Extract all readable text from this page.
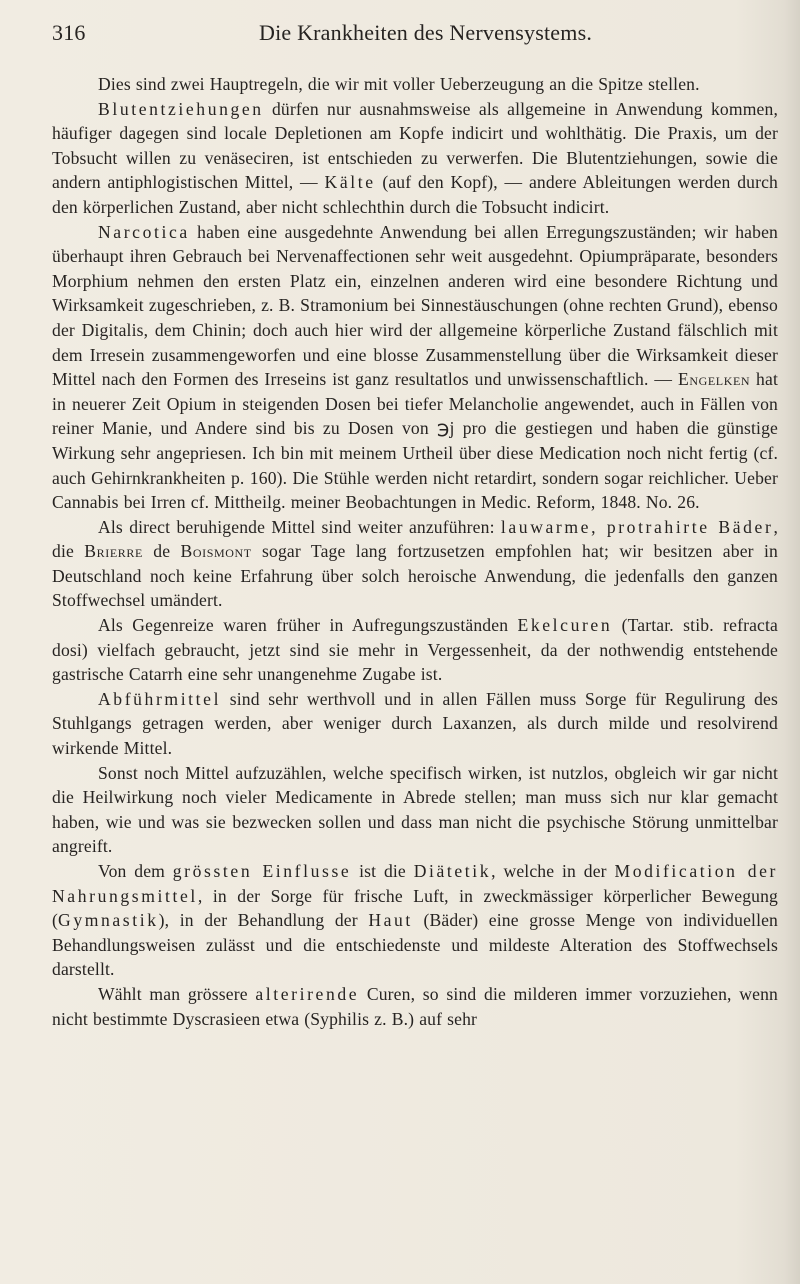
316	Die Krankheiten des Nervensystems.

Dies sind zwei Hauptregeln, die wir mit voller Ueberzeugung an die Spitze stellen.

Blutentziehungen dürfen nur ausnahmsweise als allgemeine in Anwendung kommen, häufiger dagegen sind locale Depletionen am Kopfe indicirt und wohlthätig. Die Praxis, um der Tobsucht willen zu venäseciren, ist entschieden zu verwerfen. Die Blutentziehungen, sowie die andern antiphlogistischen Mittel, — Kälte (auf den Kopf), — andere Ableitungen werden durch den körperlichen Zustand, aber nicht schlechthin durch die Tobsucht indicirt.

Narcotica haben eine ausgedehnte Anwendung bei allen Erregungszuständen; wir haben überhaupt ihren Gebrauch bei Nervenaffectionen sehr weit ausgedehnt. Opiumpräparate, besonders Morphium nehmen den ersten Platz ein, einzelnen anderen wird eine besondere Richtung und Wirksamkeit zugeschrieben, z. B. Stramonium bei Sinnestäuschungen (ohne rechten Grund), ebenso der Digitalis, dem Chinin; doch auch hier wird der allgemeine körperliche Zustand fälschlich mit dem Irresein zusammengeworfen und eine blosse Zusammenstellung über die Wirksamkeit dieser Mittel nach den Formen des Irreseins ist ganz resultatlos und unwissenschaftlich. — Engelken hat in neuerer Zeit Opium in steigenden Dosen bei tiefer Melancholie angewendet, auch in Fällen von reiner Manie, und Andere sind bis zu Dosen von ℈j pro die gestiegen und haben die günstige Wirkung sehr angepriesen. Ich bin mit meinem Urtheil über diese Medication noch nicht fertig (cf. auch Gehirnkrankheiten p. 160). Die Stühle werden nicht retardirt, sondern sogar reichlicher. Ueber Cannabis bei Irren cf. Mittheilg. meiner Beobachtungen in Medic. Reform, 1848. No. 26.

Als direct beruhigende Mittel sind weiter anzuführen: lauwarme, protrahirte Bäder, die Brierre de Boismont sogar Tage lang fortzusetzen empfohlen hat; wir besitzen aber in Deutschland noch keine Erfahrung über solch heroische Anwendung, die jedenfalls den ganzen Stoffwechsel umändert.

Als Gegenreize waren früher in Aufregungszuständen Ekelcuren (Tartar. stib. refracta dosi) vielfach gebraucht, jetzt sind sie mehr in Vergessenheit, da der nothwendig entstehende gastrische Catarrh eine sehr unangenehme Zugabe ist.

Abführmittel sind sehr werthvoll und in allen Fällen muss Sorge für Regulirung des Stuhlgangs getragen werden, aber weniger durch Laxanzen, als durch milde und resolvirend wirkende Mittel.

Sonst noch Mittel aufzuzählen, welche specifisch wirken, ist nutzlos, obgleich wir gar nicht die Heilwirkung noch vieler Medicamente in Abrede stellen; man muss sich nur klar gemacht haben, wie und was sie bezwecken sollen und dass man nicht die psychische Störung unmittelbar angreift.

Von dem grössten Einflusse ist die Diätetik, welche in der Modification der Nahrungsmittel, in der Sorge für frische Luft, in zweckmässiger körperlicher Bewegung (Gymnastik), in der Behandlung der Haut (Bäder) eine grosse Menge von individuellen Behandlungsweisen zulässt und die entschiedenste und mildeste Alteration des Stoffwechsels darstellt.

Wählt man grössere alterirende Curen, so sind die milderen immer vorzuziehen, wenn nicht bestimmte Dyscrasieen etwa (Syphilis z. B.) auf sehr
